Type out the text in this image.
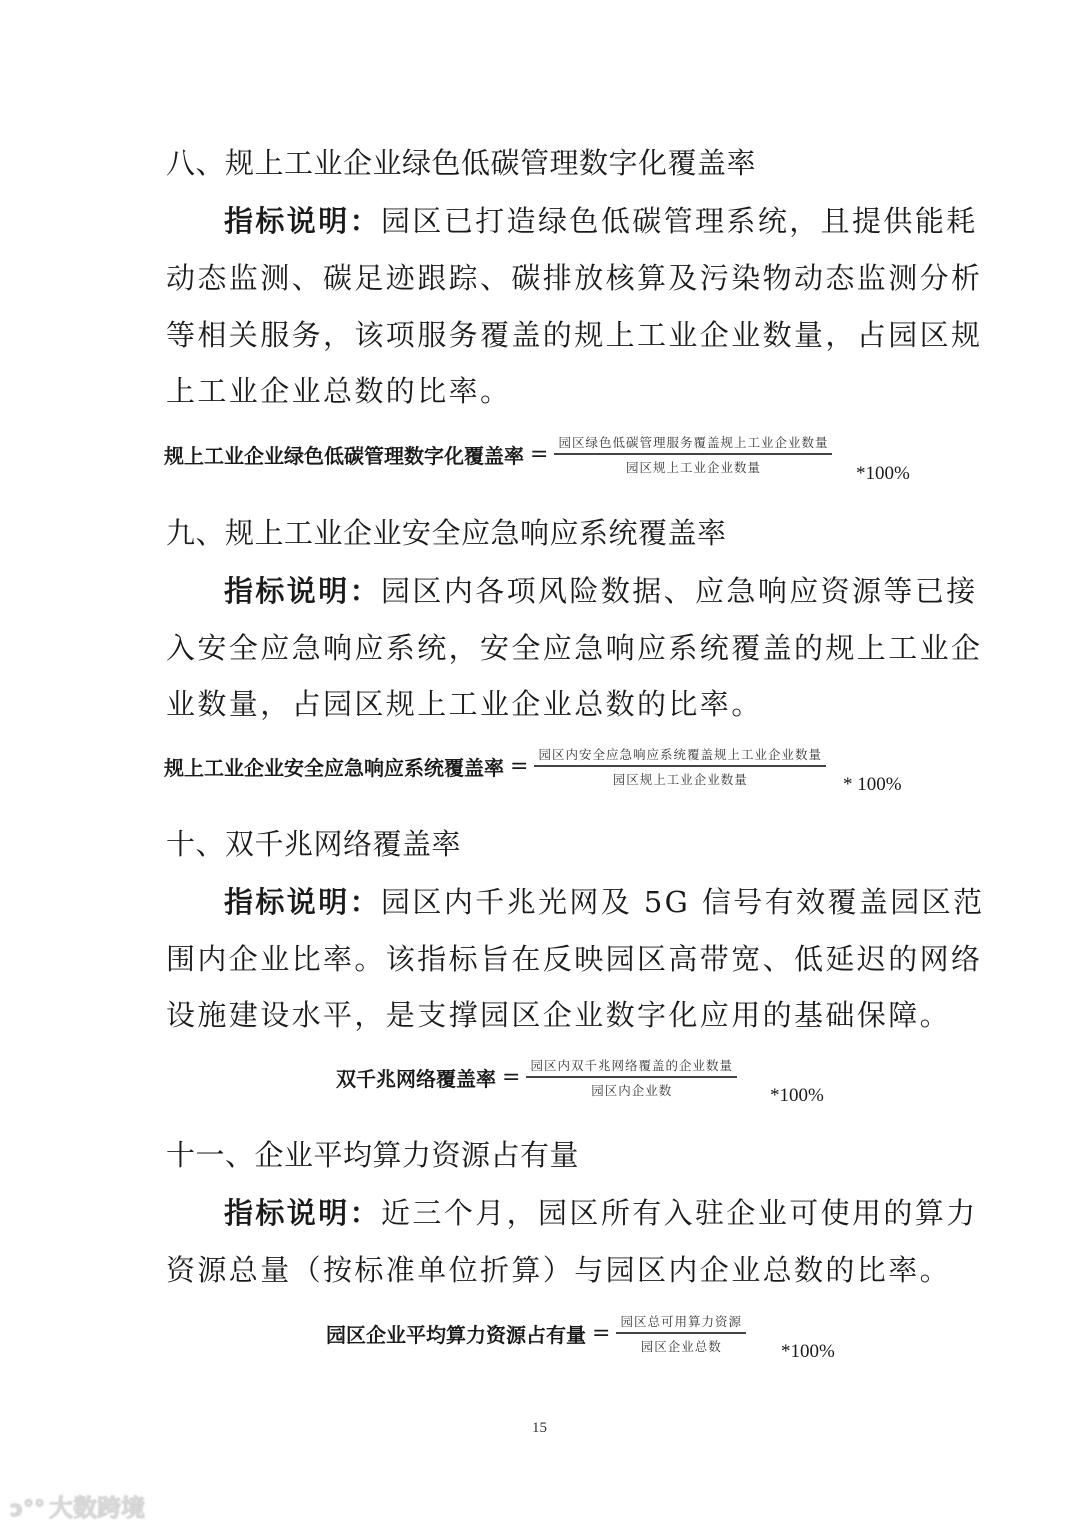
八、规上工业企业绿色低碳管理数字化覆盖率
指标说明：园区已打造绿色低碳管理系统，且提供能耗
动态监测、碳足迹跟踪、碳排放核算及污染物动态监测分析
等相关服务，该项服务覆盖的规上工业企业数量，占园区规
上工业企业总数的比率。
规上工业企业绿色低碳管理数字化覆盖率 = $\frac{\text{园区绿色低碳管理服务覆盖规上工业企业数量}}{\text{园区规上工业企业数量}} *100\%$
九、规上工业企业安全应急响应系统覆盖率
指标说明：园区内各项风险数据、应急响应资源等已接
入安全应急响应系统，安全应急响应系统覆盖的规上工业企
业数量，占园区规上工业企业总数的比率。
规上工业企业安全应急响应系统覆盖率 = $\frac{\text{园区内安全应急响应系统覆盖规上工业企业数量}}{\text{园区规上工业企业数量}} * 100\%$
十、双千兆网络覆盖率
指标说明：园区内千兆光网及 5G 信号有效覆盖园区范
围内企业比率。该指标旨在反映园区高带宽、低延迟的网络
设施建设水平，是支撑园区企业数字化应用的基础保障。
双千兆网络覆盖率 = $\frac{\text{园区内双千兆网络覆盖的企业数量}}{\text{园区内企业数}} *100\%$
十一、企业平均算力资源占有量
指标说明：近三个月，园区所有入驻企业可使用的算力
资源总量（按标准单位折算）与园区内企业总数的比率。
园区企业平均算力资源占有量 = $\frac{\text{园区总可用算力资源}}{\text{园区企业总数}} *100\%$
15
ↄ°° 大数跨境
